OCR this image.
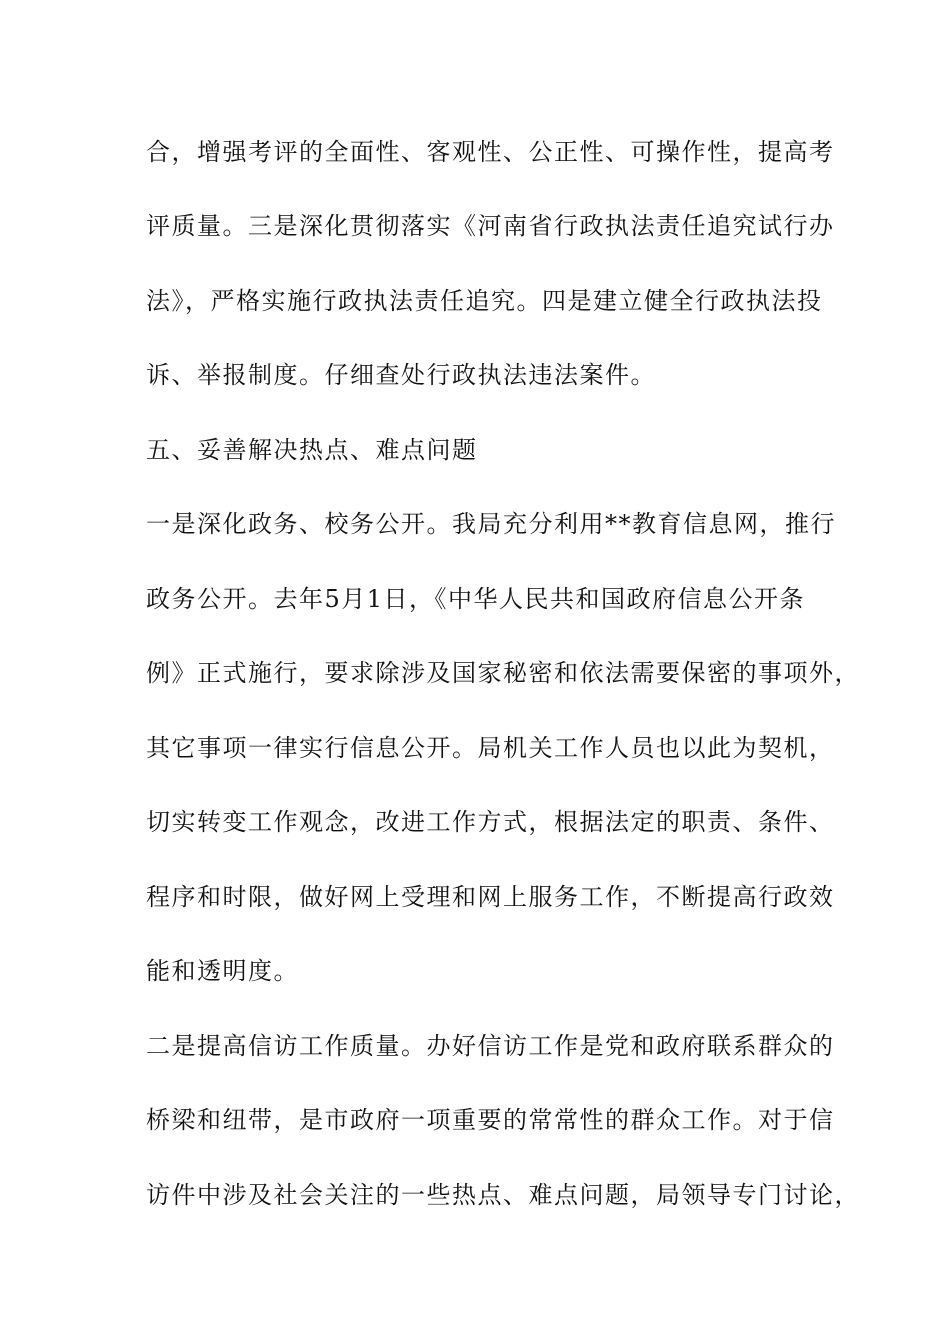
合，增强考评的全面性、客观性、公正性、可操作性，提高考
评质量。三是深化贯彻落实《河南省行政执法责任追究试行办
法》，严格实施行政执法责任追究。四是建立健全行政执法投
诉、举报制度。仔细查处行政执法违法案件。
五、妥善解决热点、难点问题
一是深化政务、校务公开。我局充分利用**教育信息网，推行
政务公开。去年5月1日，《中华人民共和国政府信息公开条
例》正式施行，要求除涉及国家秘密和依法需要保密的事项外，
其它事项一律实行信息公开。局机关工作人员也以此为契机，
切实转变工作观念，改进工作方式，根据法定的职责、条件、
程序和时限，做好网上受理和网上服务工作，不断提高行政效
能和透明度。
二是提高信访工作质量。办好信访工作是党和政府联系群众的
桥梁和纽带，是市政府一项重要的常常性的群众工作。对于信
访件中涉及社会关注的一些热点、难点问题，局领导专门讨论，
